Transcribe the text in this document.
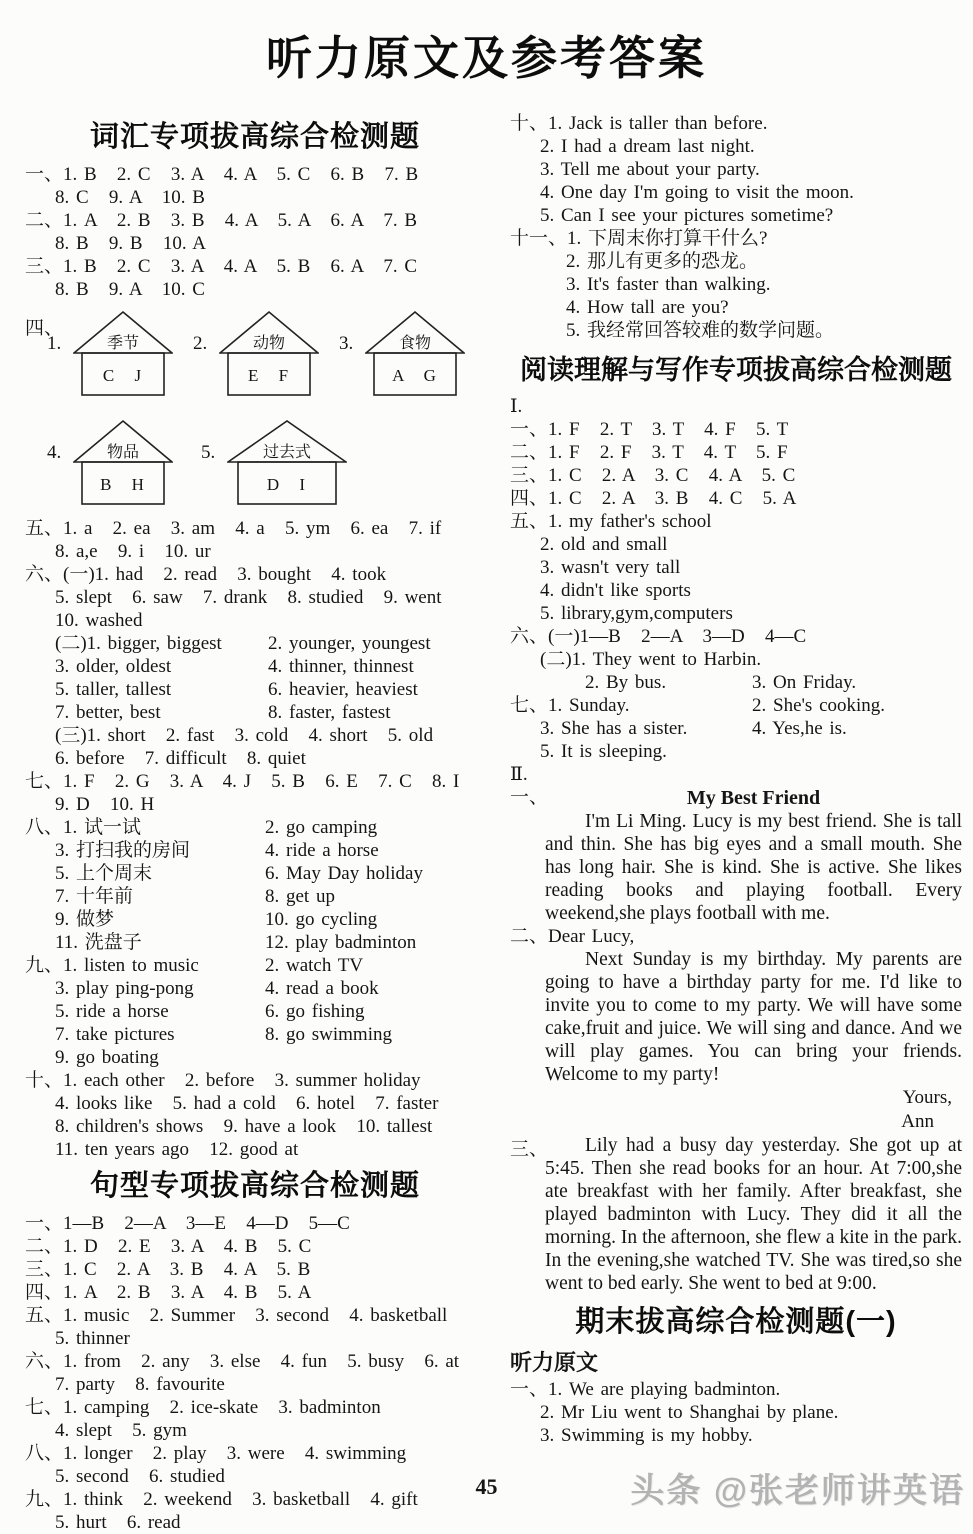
听力原文及参考答案
词汇专项拔高综合检测题
一、1. B   2. C   3. A   4. A   5. C   6. B   7. B
8. C   9. A   10. B
二、1. A   2. B   3. B   4. A   5. A   6. A   7. B
8. B   9. B   10. A
三、1. B   2. C   3. A   4. A   5. B   6. A   7. C
8. B   9. A   10. C
四、
1.	季节
C J
2.	动物
E F
3.	食物
A G
4.	物品
B H
5.	过去式
D I
五、1. a   2. ea   3. am   4. a   5. ym   6. ea   7. if
8. a,e   9. i   10. ur
六、(一)1. had   2. read   3. bought   4. took
5. slept   6. saw   7. drank   8. studied   9. went
10. washed
(二)1. bigger, biggest	2. younger, youngest
3. older, oldest	4. thinner, thinnest
5. taller, tallest	6. heavier, heaviest
7. better, best	8. faster, fastest
(三)1. short   2. fast   3. cold   4. short   5. old
6. before   7. difficult   8. quiet
七、1. F   2. G   3. A   4. J   5. B   6. E   7. C   8. I
9. D   10. H
八、1. 试一试	2. go camping
3. 打扫我的房间	4. ride a horse
5. 上个周末	6. May Day holiday
7. 十年前	8. get up
9. 做梦	10. go cycling
11. 洗盘子	12. play badminton
九、1. listen to music	2. watch TV
3. play ping-pong	4. read a book
5. ride a horse	6. go fishing
7. take pictures	8. go swimming
9. go boating
十、1. each other   2. before   3. summer holiday
4. looks like   5. had a cold   6. hotel   7. faster
8. children's shows   9. have a look   10. tallest
11. ten years ago   12. good at
句型专项拔高综合检测题
一、1—B   2—A   3—E   4—D   5—C
二、1. D   2. E   3. A   4. B   5. C
三、1. C   2. A   3. B   4. A   5. B
四、1. A   2. B   3. A   4. B   5. A
五、1. music   2. Summer   3. second   4. basketball
5. thinner
六、1. from   2. any   3. else   4. fun   5. busy   6. at
7. party   8. favourite
七、1. camping   2. ice-skate   3. badminton
4. slept   5. gym
八、1. longer   2. play   3. were   4. swimming
5. second   6. studied
九、1. think   2. weekend   3. basketball   4. gift
5. hurt   6. read
十、1. Jack is taller than before.
2. I had a dream last night.
3. Tell me about your party.
4. One day I'm going to visit the moon.
5. Can I see your pictures sometime?
十一、1. 下周末你打算干什么?
2. 那儿有更多的恐龙。
3. It's faster than walking.
4. How tall are you?
5. 我经常回答较难的数学问题。
阅读理解与写作专项拔高综合检测题
Ⅰ.
一、1. F   2. T   3. T   4. F   5. T
二、1. F   2. F   3. T   4. T   5. F
三、1. C   2. A   3. C   4. A   5. C
四、1. C   2. A   3. B   4. C   5. A
五、1. my father's school
2. old and small
3. wasn't very tall
4. didn't like sports
5. library,gym,computers
六、(一)1—B   2—A   3—D   4—C
(二)1. They went to Harbin.
2. By bus.	3. On Friday.
七、1. Sunday.	2. She's cooking.
3. She has a sister.	4. Yes,he is.
5. It is sleeping.
Ⅱ.
一、	My Best Friend

I'm Li Ming. Lucy is my best friend. She is tall and thin. She has big eyes and a small mouth. She has long hair. She is kind. She is active. She likes reading books and playing football. Every weekend,she plays football with me.

二、Dear Lucy,

Next Sunday is my birthday. My parents are going to have a birthday party for me. I'd like to invite you to come to my party. We will have some cake,fruit and juice. We will sing and dance. And we will play games. You can bring your friends. Welcome to my party!

Yours,
Ann
三、	Lily had a busy day yesterday. She got up at 5:45. Then she read books for an hour. At 7:00,she ate breakfast with her family. After breakfast, she played badminton with Lucy. They did it all the morning. In the afternoon, she flew a kite in the park. In the evening,she watched TV. She was tired,so she went to bed early. She went to bed at 9:00.

期末拔高综合检测题(一)
听力原文
一、1. We are playing badminton.
2. Mr Liu went to Shanghai by plane.
3. Swimming is my hobby.
45	头条 @张老师讲英语
